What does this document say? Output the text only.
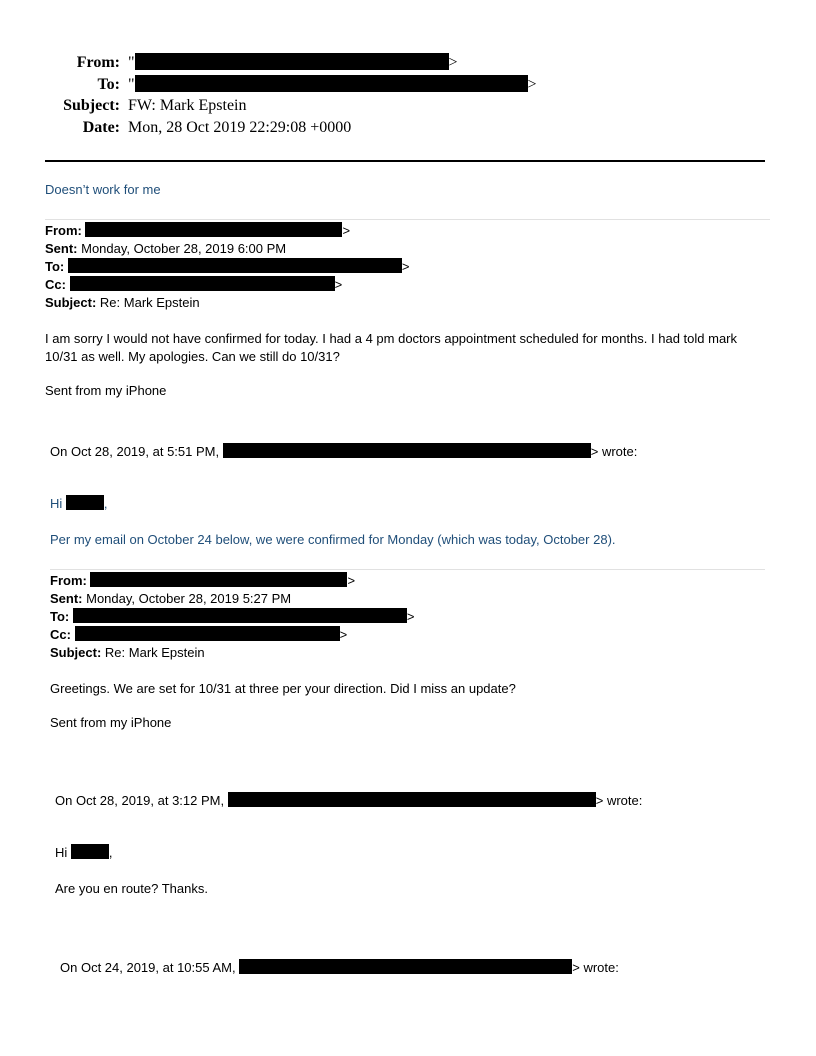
From: "	>
To: "	>
Subject: FW: Mark Epstein
Date: Mon, 28 Oct 2019 22:29:08 +0000
Doesn’t work for me
From:	>
Sent: Monday, October 28, 2019 6:00 PM
To:	>
Cc:	>
Subject: Re: Mark Epstein
I am sorry I would not have confirmed for today. I had a 4 pm doctors appointment scheduled for months. I had told mark 10/31 as well. My apologies. Can we still do 10/31?
Sent from my iPhone
On Oct 28, 2019, at 5:51 PM,	> wrote:
Hi	,
Per my email on October 24 below, we were confirmed for Monday (which was today, October 28).
From:	>
Sent: Monday, October 28, 2019 5:27 PM
To:	>
Cc:	>
Subject: Re: Mark Epstein
Greetings. We are set for 10/31 at three per your direction. Did I miss an update?
Sent from my iPhone
On Oct 28, 2019, at 3:12 PM,	> wrote:
Hi	,
Are you en route? Thanks.
On Oct 24, 2019, at 10:55 AM,	> wrote:
